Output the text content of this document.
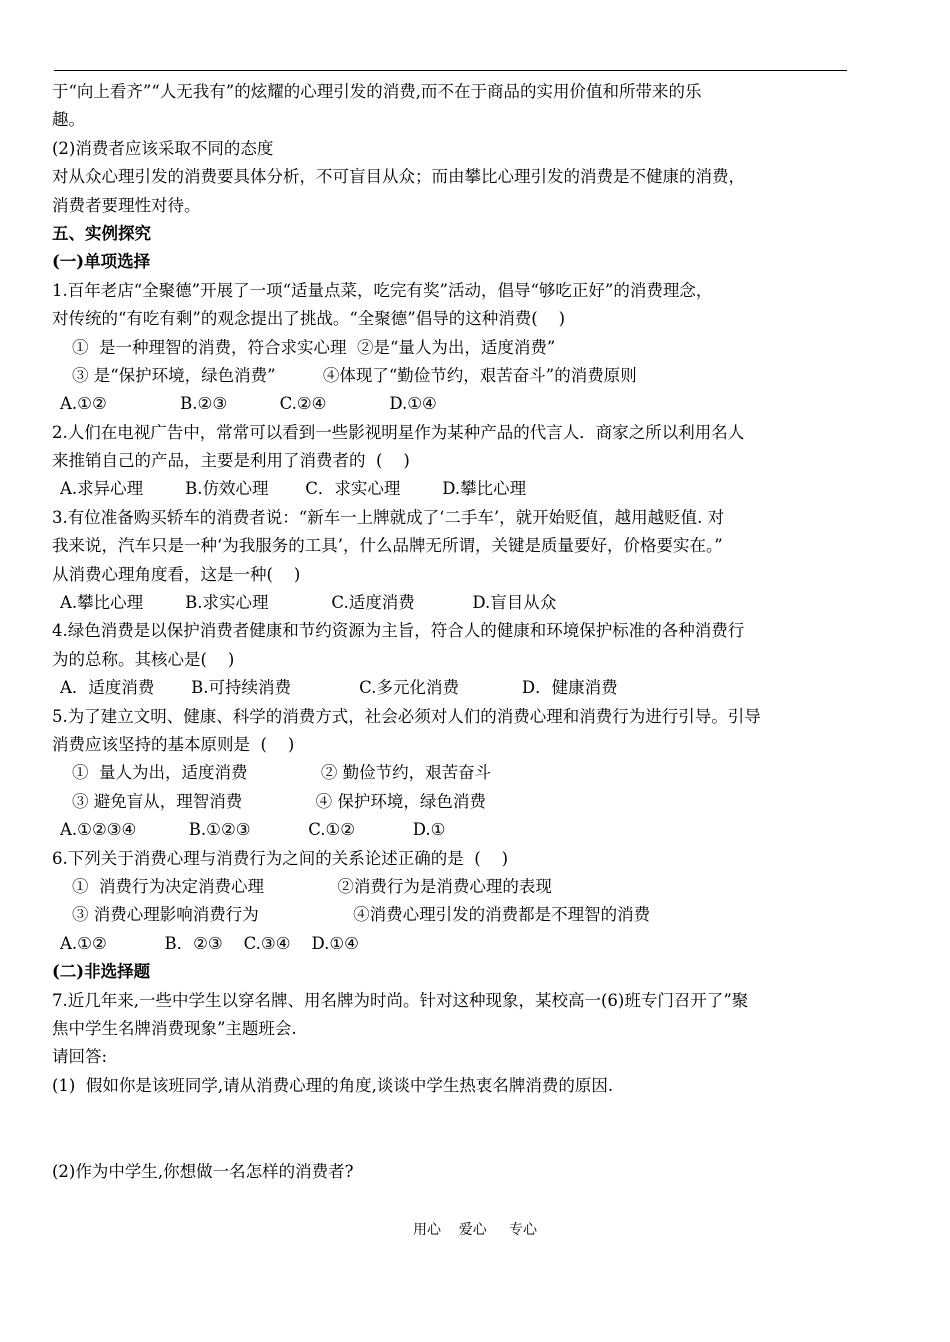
于“向上看齐”“人无我有”的炫耀的心理引发的消费,而不在于商品的实用价值和所带来的乐
趣。
(2)消费者应该采取不同的态度
对从众心理引发的消费要具体分析，不可盲目从众；而由攀比心理引发的消费是不健康的消费，
消费者要理性对待。
五、实例探究
(一)单项选择
1.百年老店“全聚德”开展了一项“适量点菜，吃完有奖”活动，倡导“够吃正好”的消费理念，
对传统的“有吃有剩”的观念提出了挑战。“全聚德”倡导的这种消费(    )
①  是一种理智的消费，符合求实心理  ②是“量人为出，适度消费”
③ 是“保护环境，绿色消费”         ④体现了“勤俭节约，艰苦奋斗”的消费原则
A.①②              B.②③          C.②④            D.①④
2.人们在电视广告中，常常可以看到一些影视明星作为某种产品的代言人．商家之所以利用名人
来推销自己的产品，主要是利用了消费者的  (    )
A.求异心理        B.仿效心理       C．求实心理        D.攀比心理
3.有位准备购买轿车的消费者说：“新车一上牌就成了‘二手车’，就开始贬值，越用越贬值. 对
我来说，汽车只是一种‘为我服务的工具’，什么品牌无所谓，关键是质量要好，价格要实在。”
从消费心理角度看，这是一种(    )
A.攀比心理        B.求实心理            C.适度消费           D.盲目从众
4.绿色消费是以保护消费者健康和节约资源为主旨，符合人的健康和环境保护标准的各种消费行
为的总称。其核心是(    )
A．适度消费       B.可持续消费             C.多元化消费            D．健康消费
5.为了建立文明、健康、科学的消费方式，社会必须对人们的消费心理和消费行为进行引导。引导
消费应该坚持的基本原则是  (    )
①  量人为出，适度消费              ② 勤俭节约，艰苦奋斗
③ 避免盲从，理智消费              ④ 保护环境，绿色消费
A.①②③④          B.①②③           C.①②           D.①
6.下列关于消费心理与消费行为之间的关系论述正确的是  (    )
①  消费行为决定消费心理              ②消费行为是消费心理的表现
③ 消费心理影响消费行为                  ④消费心理引发的消费都是不理智的消费
A.①②           B．②③    C.③④    D.①④
(二)非选择题
7.近几年来,一些中学生以穿名牌、用名牌为时尚。针对这种现象，某校高一(6)班专门召开了”聚
焦中学生名牌消费现象”主题班会.
请回答:
(1)  假如你是该班同学,请从消费心理的角度,谈谈中学生热衷名牌消费的原因.
(2)作为中学生,你想做一名怎样的消费者?
用心    爱心     专心
